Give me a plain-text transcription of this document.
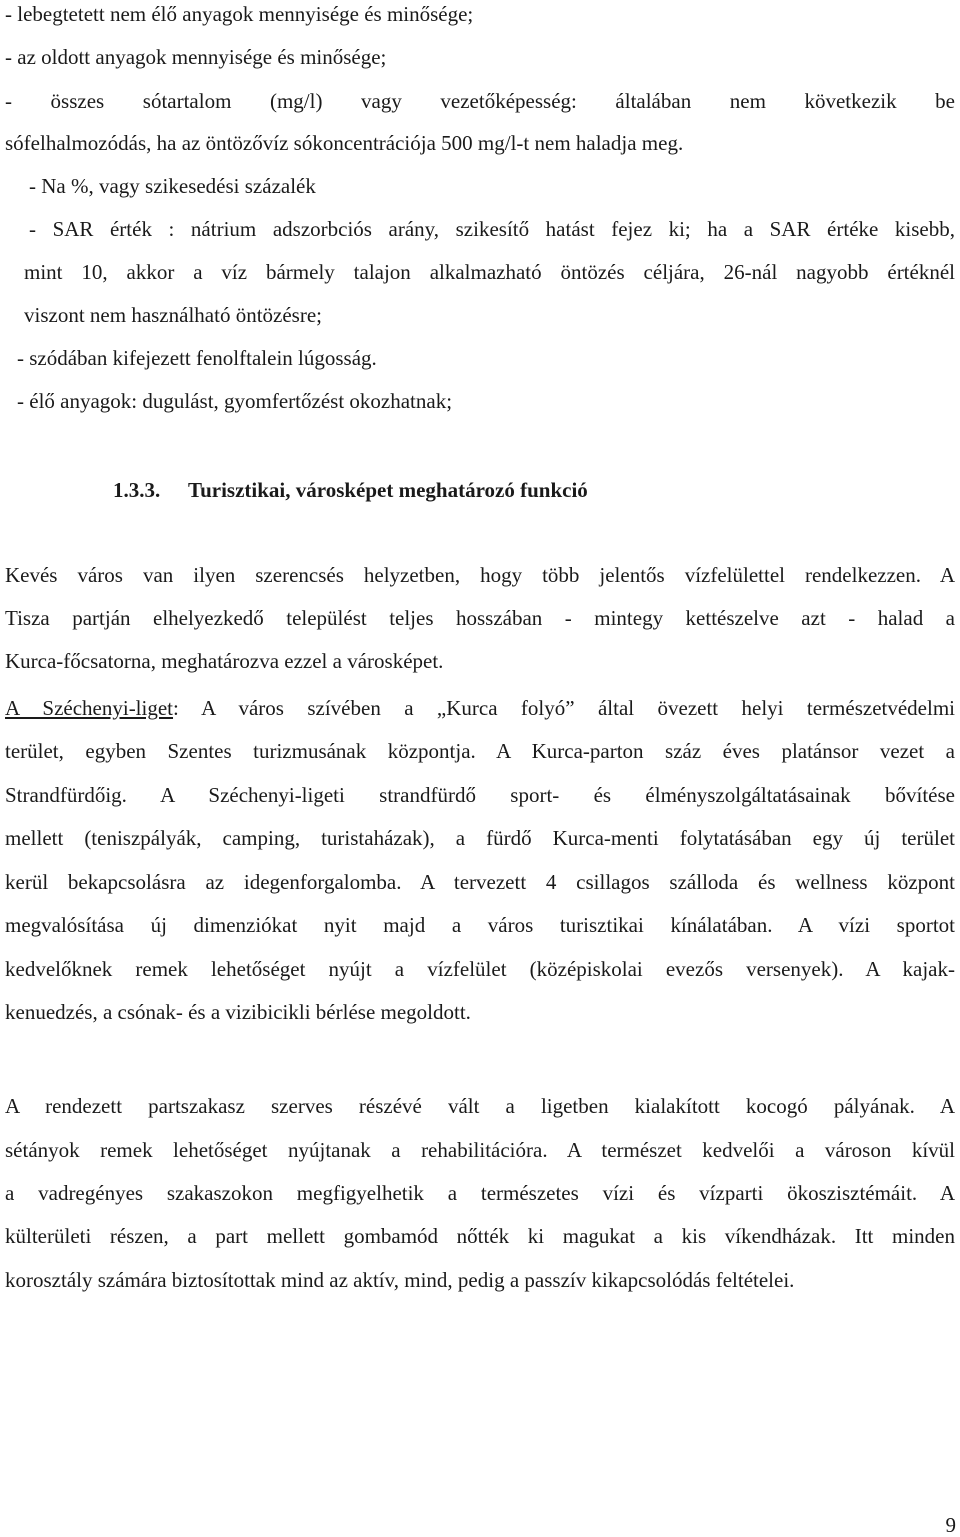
- lebegtetett nem élő anyagok mennyisége és minősége;
- az oldott anyagok mennyisége és minősége;
- összes sótartalom (mg/l) vagy vezetőképesség: általában nem következik be
sófelhalmozódás, ha az öntözővíz sókoncentrációja 500 mg/l-t nem haladja meg.
- Na %, vagy szikesedési százalék
- SAR érték : nátrium adszorbciós arány, szikesítő hatást fejez ki; ha a SAR értéke kisebb,
mint 10, akkor a víz bármely talajon alkalmazható öntözés céljára, 26-nál nagyobb értéknél
viszont nem használható öntözésre;
- szódában kifejezett fenolftalein lúgosság.
- élő anyagok: dugulást, gyomfertőzést okozhatnak;
1.3.3. Turisztikai, városképet meghatározó funkció
Kevés város van ilyen szerencsés helyzetben, hogy több jelentős vízfelülettel rendelkezzen. A
Tisza partján elhelyezkedő települést teljes hosszában - mintegy kettészelve azt - halad a
Kurca-főcsatorna, meghatározva ezzel a városképet.
A Széchenyi-liget: A város szívében a „Kurca folyó” által övezett helyi természetvédelmi
terület, egyben Szentes turizmusának központja. A Kurca-parton száz éves platánsor vezet a
Strandfürdőig. A Széchenyi-ligeti strandfürdő sport- és élményszolgáltatásainak bővítése
mellett (teniszpályák, camping, turistaházak), a fürdő Kurca-menti folytatásában egy új terület
kerül bekapcsolásra az idegenforgalomba. A tervezett 4 csillagos szálloda és wellness központ
megvalósítása új dimenziókat nyit majd a város turisztikai kínálatában. A vízi sportot
kedvelőknek remek lehetőséget nyújt a vízfelület (középiskolai evezős versenyek). A kajak-
kenuedzés, a csónak- és a vizibicikli bérlése megoldott.
A rendezett partszakasz szerves részévé vált a ligetben kialakított kocogó pályának. A
sétányok remek lehetőséget nyújtanak a rehabilitációra. A természet kedvelői a városon kívül
a vadregényes szakaszokon megfigyelhetik a természetes vízi és vízparti ökoszisztémáit. A
külterületi részen, a part mellett gombamód nőtték ki magukat a kis víkendházak. Itt minden
korosztály számára biztosítottak mind az aktív, mind, pedig a passzív kikapcsolódás feltételei.
9
